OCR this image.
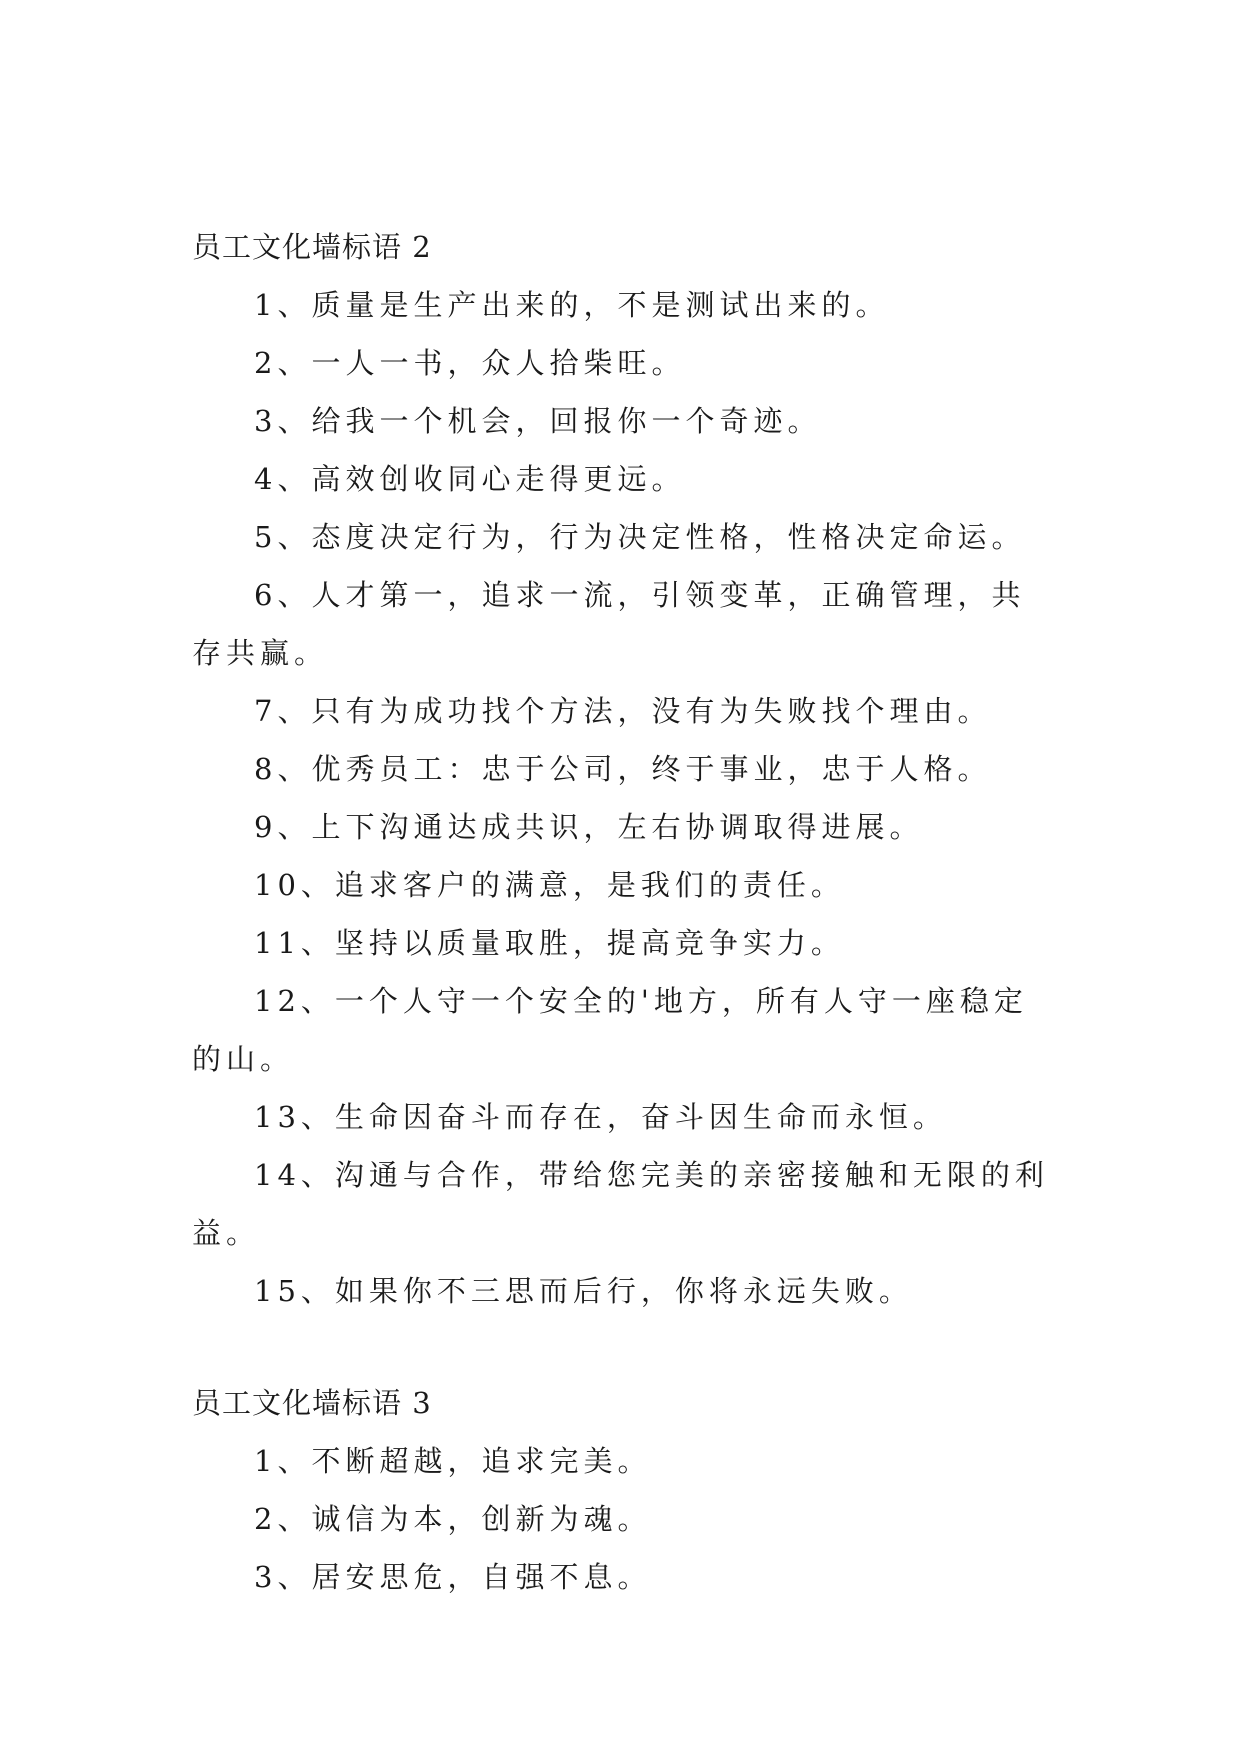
员工文化墙标语 2

1、质量是生产出来的，不是测试出来的。

2、一人一书，众人拾柴旺。

3、给我一个机会，回报你一个奇迹。

4、高效创收同心走得更远。

5、态度决定行为，行为决定性格，性格决定命运。

6、人才第一，追求一流，引领变革，正确管理，共存共赢。

7、只有为成功找个方法，没有为失败找个理由。

8、优秀员工：忠于公司，终于事业，忠于人格。

9、上下沟通达成共识，左右协调取得进展。

10、追求客户的满意，是我们的责任。

11、坚持以质量取胜，提高竞争实力。

12、一个人守一个安全的'地方，所有人守一座稳定的山。

13、生命因奋斗而存在，奋斗因生命而永恒。

14、沟通与合作，带给您完美的亲密接触和无限的利益。

15、如果你不三思而后行，你将永远失败。

员工文化墙标语 3

1、不断超越，追求完美。

2、诚信为本，创新为魂。

3、居安思危，自强不息。
